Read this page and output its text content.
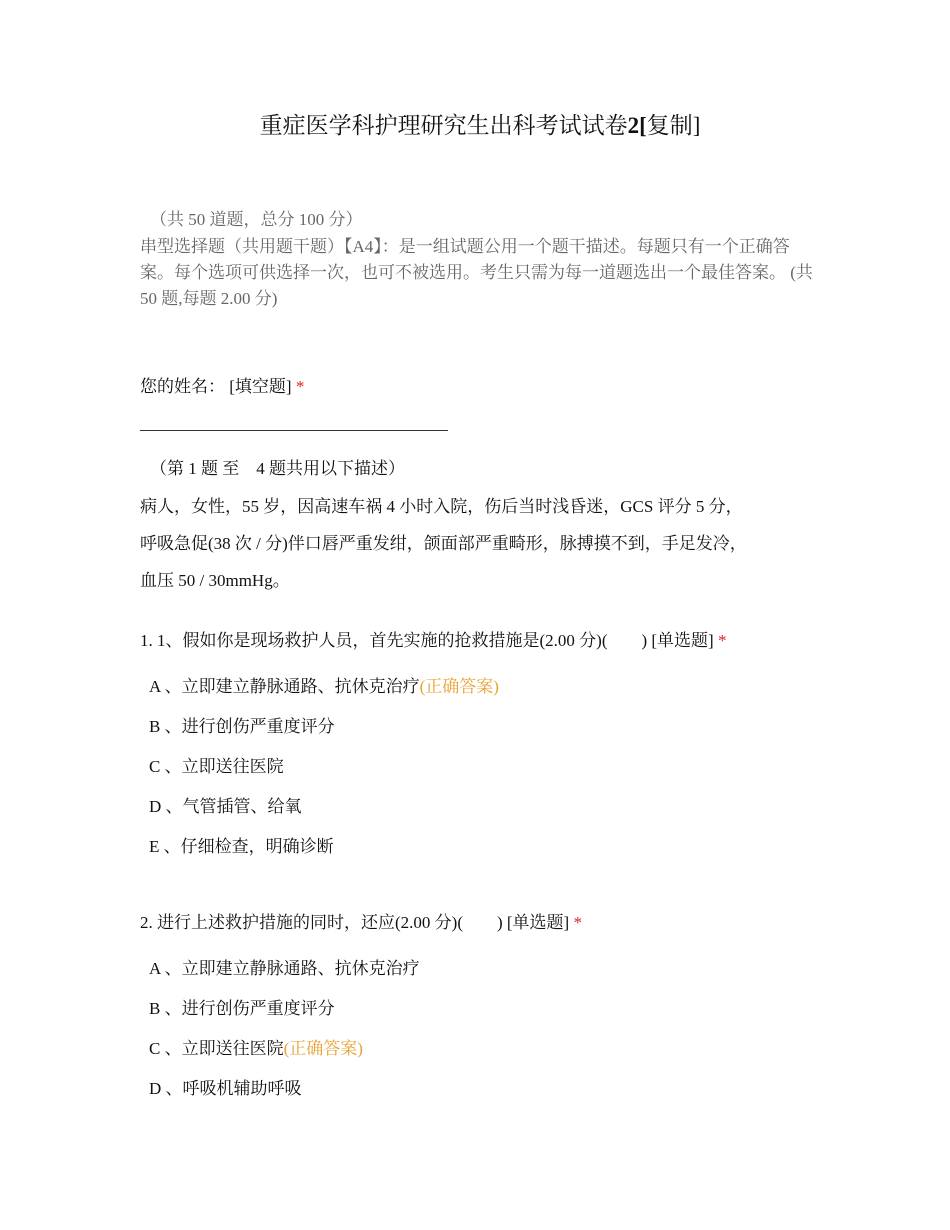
重症医学科护理研究生出科考试试卷2[复制]
（共 50 道题，总分 100 分）
串型选择题（共用题干题）【A4】：是一组试题公用一个题干描述。每题只有一个正确答案。每个选项可供选择一次，也可不被选用。考生只需为每一道题选出一个最佳答案。 (共 50 题,每题 2.00 分)
您的姓名： [填空题] *
（第 1 题 至　4 题共用以下描述）
病人，女性，55 岁，因高速车祸 4 小时入院，伤后当时浅昏迷，GCS 评分 5 分，
呼吸急促(38 次 / 分)伴口唇严重发绀，颌面部严重畸形，脉搏摸不到，手足发冷，
血压 50 / 30mmHg。
1. 1、假如你是现场救护人员，首先实施的抢救措施是(2.00 分)(　　) [单选题] *
A 、立即建立静脉通路、抗休克治疗(正确答案)
B 、进行创伤严重度评分
C 、立即送往医院
D 、气管插管、给氧
E 、仔细检查，明确诊断
2. 进行上述救护措施的同时，还应(2.00 分)(　　) [单选题] *
A 、立即建立静脉通路、抗休克治疗
B 、进行创伤严重度评分
C 、立即送往医院(正确答案)
D 、呼吸机辅助呼吸
